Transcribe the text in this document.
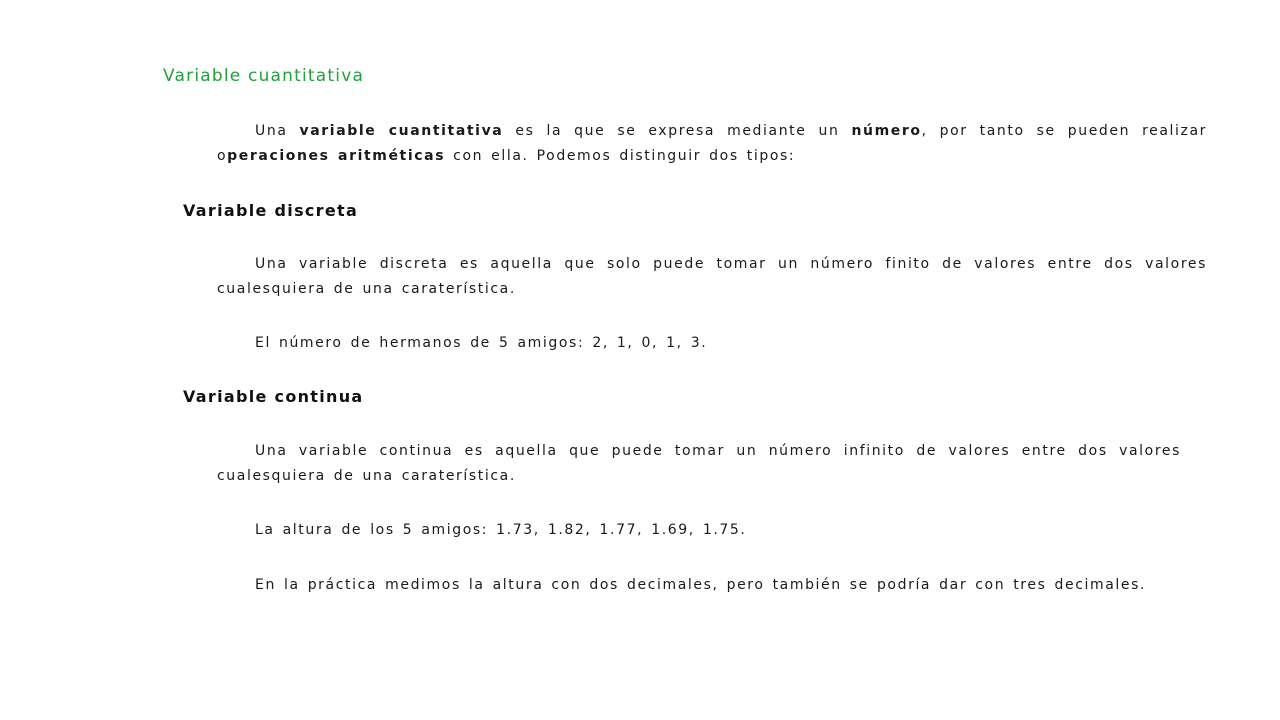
Variable cuantitativa

Una variable cuantitativa es la que se expresa mediante un número, por tanto se pueden realizar operaciones aritméticas con ella. Podemos distinguir dos tipos:

Variable discreta

Una variable discreta es aquella que solo puede tomar un número finito de valores entre dos valores cualesquiera de una caraterística.

El número de hermanos de 5 amigos: 2, 1, 0, 1, 3.

Variable continua

Una variable continua es aquella que puede tomar un número infinito de valores entre dos valores cualesquiera de una caraterística.

La altura de los 5 amigos: 1.73, 1.82, 1.77, 1.69, 1.75.

En la práctica medimos la altura con dos decimales, pero también se podría dar con tres decimales.
